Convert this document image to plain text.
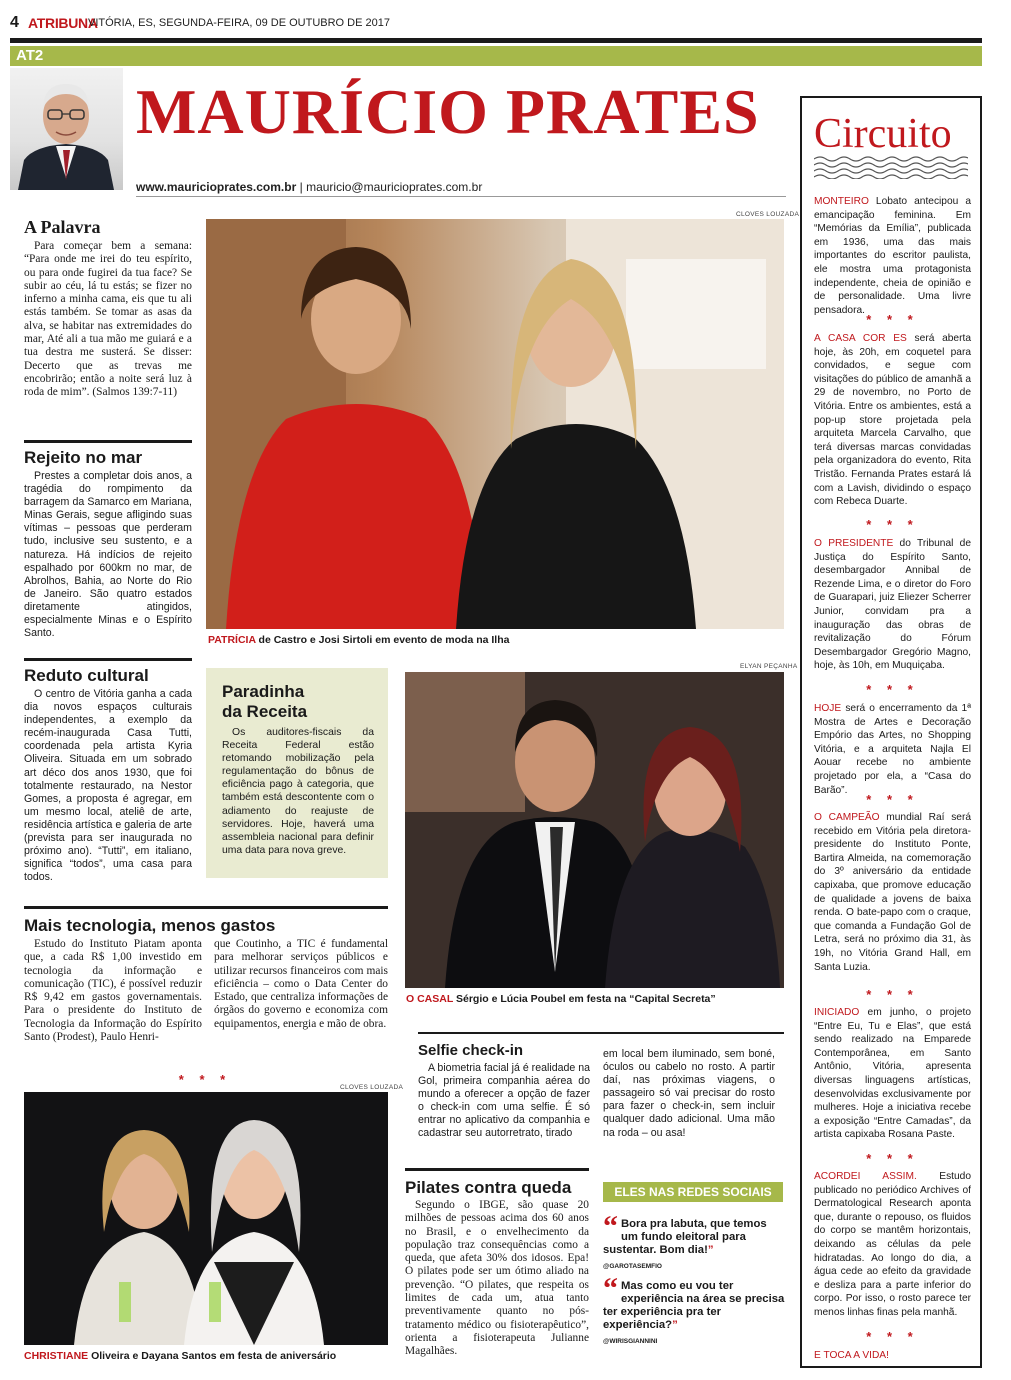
4 ATRIBUNA
VITÓRIA, ES, SEGUNDA-FEIRA, 09 DE OUTUBRO DE 2017
AT2
MAURÍCIO PRATES
www.mauricioprates.com.br | mauricio@mauricioprates.com.br
A Palavra
Para começar bem a semana: “Para onde me irei do teu espírito, ou para onde fugirei da tua face? Se subir ao céu, lá tu estás; se fizer no inferno a minha cama, eis que tu ali estás também. Se tomar as asas da alva, se habitar nas extremidades do mar, Até ali a tua mão me guiará e a tua destra me susterá. Se disser: Decerto que as trevas me encobrirão; então a noite será luz à roda de mim”. (Salmos 139:7-11)
Rejeito no mar
Prestes a completar dois anos, a tragédia do rompimento da barragem da Samarco em Mariana, Minas Gerais, segue afligindo suas vítimas – pessoas que perderam tudo, inclusive seu sustento, e a natureza. Há indícios de rejeito espalhado por 600km no mar, de Abrolhos, Bahia, ao Norte do Rio de Janeiro. São quatro estados diretamente atingidos, especialmente Minas e o Espírito Santo.
Reduto cultural
O centro de Vitória ganha a cada dia novos espaços culturais independentes, a exemplo da recém-inaugurada Casa Tutti, coordenada pela artista Kyria Oliveira. Situada em um sobrado art déco dos anos 1930, que foi totalmente restaurado, na Nestor Gomes, a proposta é agregar, em um mesmo local, ateliê de arte, residência artística e galeria de arte (prevista para ser inaugurada no próximo ano). “Tutti”, em italiano, significa “todos”, uma casa para todos.
Paradinha
da Receita
Os auditores-fiscais da Receita Federal estão retomando mobilização pela regulamentação do bônus de eficiência pago à categoria, que também está descontente com o adiamento do reajuste de servidores. Hoje, haverá uma assembleia nacional para definir uma data para nova greve.
Mais tecnologia, menos gastos
Estudo do Instituto Piatam aponta que, a cada R$ 1,00 investido em tecnologia da informação e comunicação (TIC), é possível reduzir R$ 9,42 em gastos governamentais. Para o presidente do Instituto de Tecnologia da Informação do Espírito Santo (Prodest), Paulo Henri-
que Coutinho, a TIC é fundamental para melhorar serviços públicos e utilizar recursos financeiros com mais eficiência – como o Data Center do Estado, que centraliza informações de órgãos do governo e economiza com equipamentos, energia e mão de obra.
* * *
CLOVES LOUZADA
PATRÍCIA de Castro e Josi Sirtoli em evento de moda na Ilha
ELYAN PEÇANHA
O CASAL Sérgio e Lúcia Poubel em festa na “Capital Secreta”
CLOVES LOUZADA
CHRISTIANE Oliveira e Dayana Santos em festa de aniversário
Selfie check-in
A biometria facial já é realidade na Gol, primeira companhia aérea do mundo a oferecer a opção de fazer o check-in com uma selfie. É só entrar no aplicativo da companhia e cadastrar seu autorretrato, tirado
em local bem iluminado, sem boné, óculos ou cabelo no rosto. A partir daí, nas próximas viagens, o passageiro só vai precisar do rosto para fazer o check-in, sem incluir qualquer dado adicional. Uma mão na roda – ou asa!
Pilates contra queda
Segundo o IBGE, são quase 20 milhões de pessoas acima dos 60 anos no Brasil, e o envelhecimento da população traz consequências como a queda, que afeta 30% dos idosos. Epa! O pilates pode ser um ótimo aliado na prevenção. “O pilates, que respeita os limites de cada um, atua tanto preventivamente quanto no pós-tratamento médico ou fisioterapêutico”, orienta a fisioterapeuta Julianne Magalhães.
ELES NAS REDES SOCIAIS
“ Bora pra labuta, que temos um fundo eleitoral para sustentar. Bom dia!”
@GAROTASEMFIO
“ Mas como eu vou ter experiência na área se precisa ter experiência pra ter experiência?”
@WIRISGIANNINI
Circuito
MONTEIRO Lobato antecipou a emancipação feminina. Em “Memórias da Emília”, publicada em 1936, uma das mais importantes do escritor paulista, ele mostra uma protagonista independente, cheia de opinião e de personalidade. Uma livre pensadora.
* * *
A CASA COR ES será aberta hoje, às 20h, em coquetel para convidados, e segue com visitações do público de amanhã a 29 de novembro, no Porto de Vitória. Entre os ambientes, está a pop-up store projetada pela arquiteta Marcela Carvalho, que terá diversas marcas convidadas pela organizadora do evento, Rita Tristão. Fernanda Prates estará lá com a Lavish, dividindo o espaço com Rebeca Duarte.
* * *
O PRESIDENTE do Tribunal de Justiça do Espírito Santo, desembargador Annibal de Rezende Lima, e o diretor do Foro de Guarapari, juiz Eliezer Scherrer Junior, convidam pra a inauguração das obras de revitalização do Fórum Desembargador Gregório Magno, hoje, às 10h, em Muquiçaba.
* * *
HOJE será o encerramento da 1ª Mostra de Artes e Decoração Empório das Artes, no Shopping Vitória, e a arquiteta Najla El Aouar recebe no ambiente projetado por ela, a “Casa do Barão”.
* * *
O CAMPEÃO mundial Raí será recebido em Vitória pela diretora-presidente do Instituto Ponte, Bartira Almeida, na comemoração do 3º aniversário da entidade capixaba, que promove educação de qualidade a jovens de baixa renda. O bate-papo com o craque, que comanda a Fundação Gol de Letra, será no próximo dia 31, às 19h, no Vitória Grand Hall, em Santa Luzia.
* * *
INICIADO em junho, o projeto “Entre Eu, Tu e Elas”, que está sendo realizado na Emparede Contemporânea, em Santo Antônio, Vitória, apresenta diversas linguagens artísticas, desenvolvidas exclusivamente por mulheres. Hoje a iniciativa recebe a exposição “Entre Camadas”, da artista capixaba Rosana Paste.
* * *
ACORDEI ASSIM. Estudo publicado no periódico Archives of Dermatological Research aponta que, durante o repouso, os fluidos do corpo se mantêm horizontais, deixando as células da pele hidratadas. Ao longo do dia, a água cede ao efeito da gravidade e desliza para a parte inferior do corpo. Por isso, o rosto parece ter menos linhas finas pela manhã.
* * *
E TOCA A VIDA!
